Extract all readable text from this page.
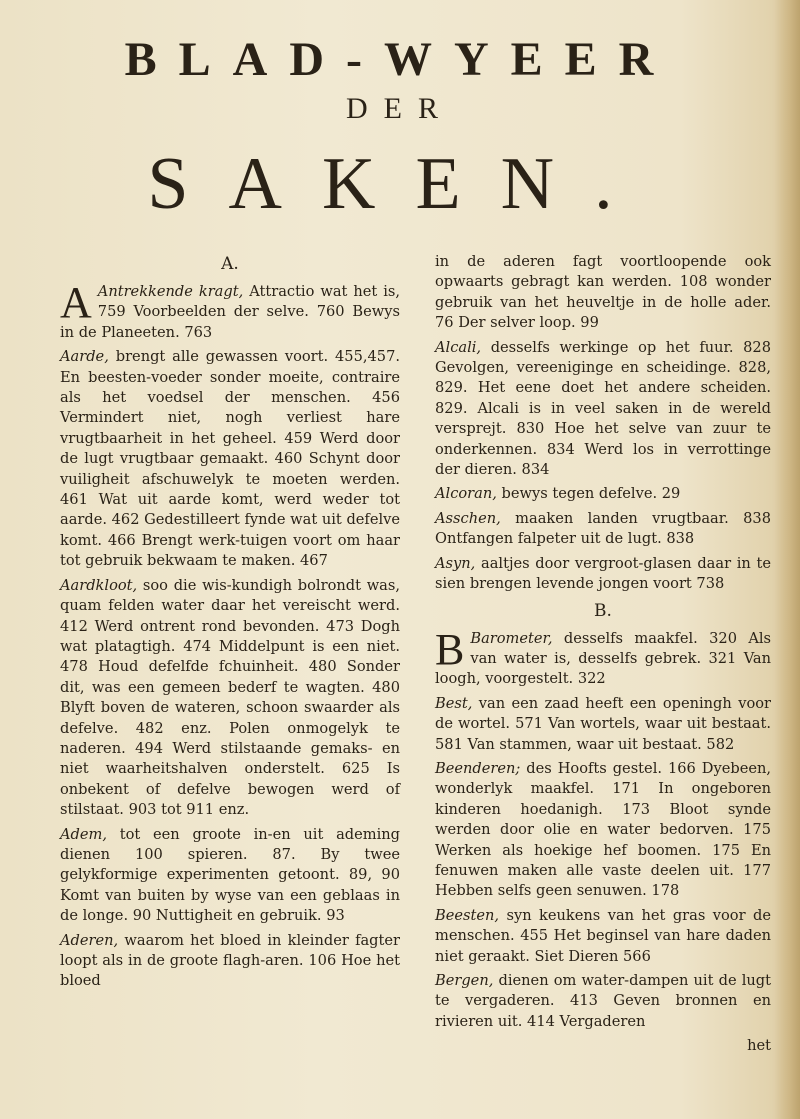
BLAD-WYEER
DER
SAKEN.
A.
A Antrekkende kragt, Attractio wat het is, 759 Voorbeelden der selve. 760 Bewys in de Planeeten. 763
Aarde, brengt alle gewassen voort. 455,457. En beesten-voeder sonder moeite, contraire als het voedsel der menschen. 456 Vermindert niet, nogh verliest hare vrugtbaarheit in het geheel. 459 Werd door de lugt vrugtbaar gemaakt. 460 Schynt door vuiligheit afschuwelyk te moeten werden. 461 Wat uit aarde komt, werd weder tot aarde. 462 Gedestilleert fynde wat uit defelve komt. 466 Brengt werk-tuigen voort om haar tot gebruik bekwaam te maken. 467
Aardkloot, soo die wis-kundigh bolrondt was, quam felden water daar het vereischt werd. 412 Werd ontrent rond bevonden. 473 Dogh wat platagtigh. 474 Middelpunt is een niet. 478 Houd defelfde fchuinheit. 480 Sonder dit, was een gemeen bederf te wagten. 480 Blyft boven de wateren, schoon swaarder als defelve. 482 enz. Polen onmogelyk te naderen. 494 Werd stilstaande gemaks- en niet waarheitshalven onderstelt. 625 Is onbekent of defelve bewogen werd of stilstaat. 903 tot 911 enz.
Adem, tot een groote in-en uit ademing dienen 100 spieren. 87. By twee gelykformige experimenten getoont. 89, 90 Komt van buiten by wyse van een geblaas in de longe. 90 Nuttigheit en gebruik. 93
Aderen, waarom het bloed in kleinder fagter loopt als in de groote flagh-aren. 106 Hoe het bloed
in de aderen fagt voortloopende ook opwaarts gebragt kan werden. 108 wonder gebruik van het heuveltje in de holle ader. 76 Der selver loop. 99
Alcali, desselfs werkinge op het fuur. 828 Gevolgen, vereeniginge en scheidinge. 828, 829. Het eene doet het andere scheiden. 829. Alcali is in veel saken in de wereld versprejt. 830 Hoe het selve van zuur te onderkennen. 834 Werd los in verrottinge der dieren. 834
Alcoran, bewys tegen defelve. 29
Asschen, maaken landen vrugtbaar. 838 Ontfangen falpeter uit de lugt. 838
Asyn, aaltjes door vergroot-glasen daar in te sien brengen levende jongen voort 738
B.
B Barometer, desselfs maakfel. 320 Als van water is, desselfs gebrek. 321 Van loogh, voorgestelt. 322
Best, van een zaad heeft een openingh voor de wortel. 571 Van wortels, waar uit bestaat. 581 Van stammen, waar uit bestaat. 582
Beenderen; des Hoofts gestel. 166 Dyebeen, wonderlyk maakfel. 171 In ongeboren kinderen hoedanigh. 173 Bloot synde werden door olie en water bedorven. 175 Werken als hoekige hef boomen. 175 En fenuwen maken alle vaste deelen uit. 177 Hebben selfs geen senuwen. 178
Beesten, syn keukens van het gras voor de menschen. 455 Het beginsel van hare daden niet geraakt. Siet Dieren 566
Bergen, dienen om water-dampen uit de lugt te vergaderen. 413 Geven bronnen en rivieren uit. 414 Vergaderen
het
